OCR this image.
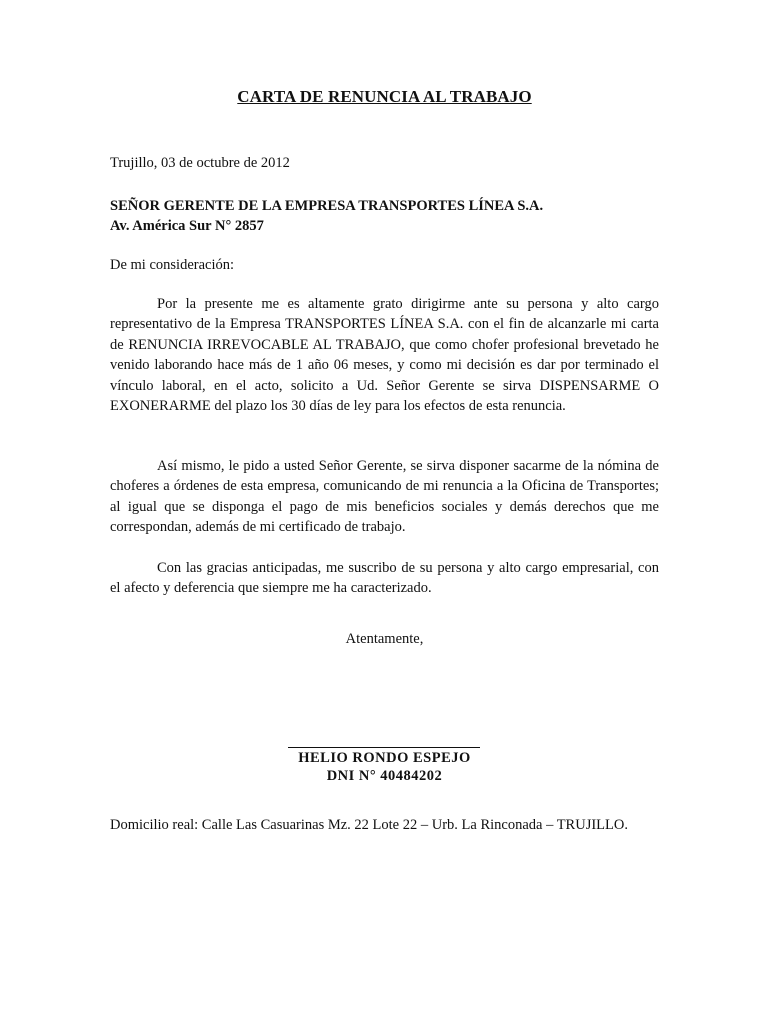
CARTA DE RENUNCIA AL TRABAJO
Trujillo, 03 de octubre de 2012
SEÑOR GERENTE DE LA EMPRESA TRANSPORTES LÍNEA S.A.
Av. América Sur N° 2857
De mi consideración:
Por la presente me es altamente grato dirigirme ante su persona y alto cargo representativo de la Empresa TRANSPORTES LÍNEA S.A. con el fin de alcanzarle mi carta de RENUNCIA IRREVOCABLE AL TRABAJO, que como chofer profesional brevetado he venido laborando hace más de 1 año 06 meses, y como mi decisión es dar por terminado el vínculo laboral, en el acto, solicito a Ud. Señor Gerente se sirva DISPENSARME O EXONERARME del plazo los 30 días de ley para los efectos de esta renuncia.
Así mismo, le pido a usted Señor Gerente, se sirva disponer sacarme de la nómina de choferes a órdenes de esta empresa, comunicando de mi renuncia a la Oficina de Transportes; al igual que se disponga el pago de mis beneficios sociales y demás derechos que me correspondan, además de mi certificado de trabajo.
Con las gracias anticipadas, me suscribo de su persona y alto cargo empresarial, con el afecto y deferencia que siempre me ha caracterizado.
Atentamente,
HELIO RONDO ESPEJO
DNI N° 40484202
Domicilio real: Calle Las Casuarinas Mz. 22 Lote 22 – Urb. La Rinconada – TRUJILLO.
